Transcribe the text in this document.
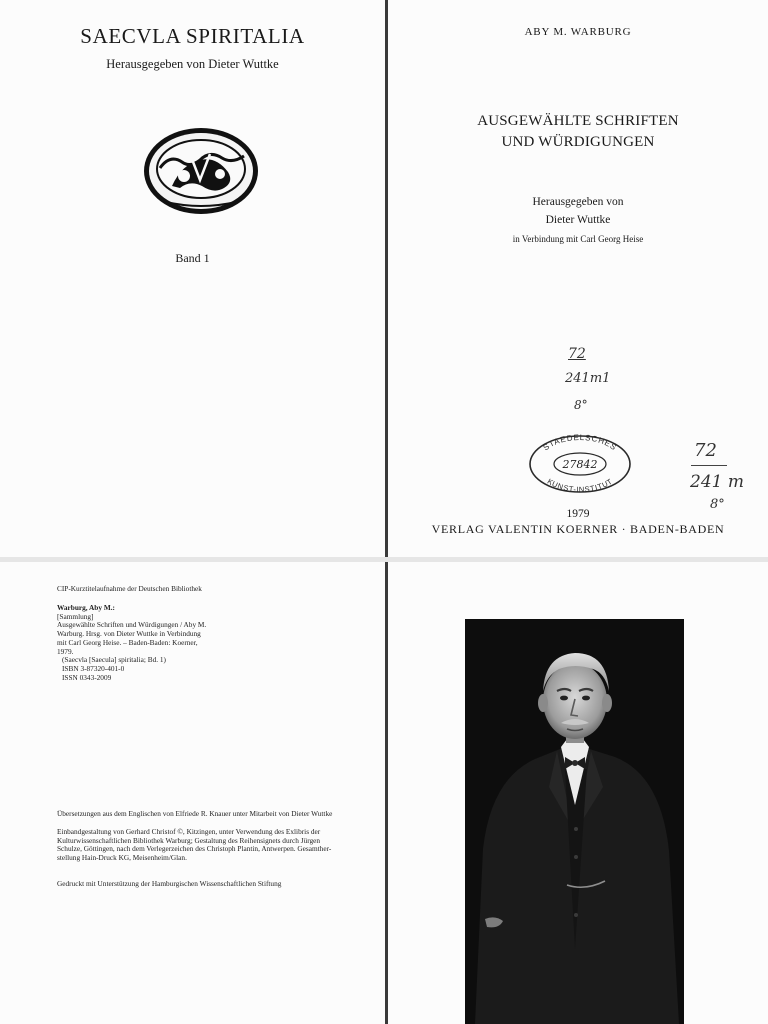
SAECVLA SPIRITALIA
Herausgegeben von Dieter Wuttke
Band 1
ABY M. WARBURG
AUSGEWÄHLTE SCHRIFTEN
UND WÜRDIGUNGEN
Herausgegeben von
Dieter Wuttke
in Verbindung mit Carl Georg Heise
72
241m1
8°
STAEDELSCHES
27842
KUNST-INSTITUT
72
241 m
8°
1979
VERLAG VALENTIN KOERNER · BADEN-BADEN
CIP-Kurztitelaufnahme der Deutschen Bibliothek
Warburg, Aby M.:
[Sammlung]
Ausgewählte Schriften und Würdigungen / Aby M.
Warburg. Hrsg. von Dieter Wuttke in Verbindung
mit Carl Georg Heise. – Baden-Baden: Koerner,
1979.
(Saecvla [Saecula] spiritalia; Bd. 1)
ISBN 3-87320-401-0
ISSN 0343-2009
Übersetzungen aus dem Englischen von Elfriede R. Knauer unter Mitarbeit von Dieter Wuttke
Einbandgestaltung von Gerhard Christof ©, Kitzingen, unter Verwendung des Exlibris der
Kulturwissenschaftlichen Bibliothek Warburg; Gestaltung des Reihensignets durch Jürgen
Schulze, Göttingen, nach dem Verlegerzeichen des Christoph Plantin, Antwerpen. Gesamther-
stellung Hain-Druck KG, Meisenheim/Glan.
Gedruckt mit Unterstützung der Hamburgischen Wissenschaftlichen Stiftung
